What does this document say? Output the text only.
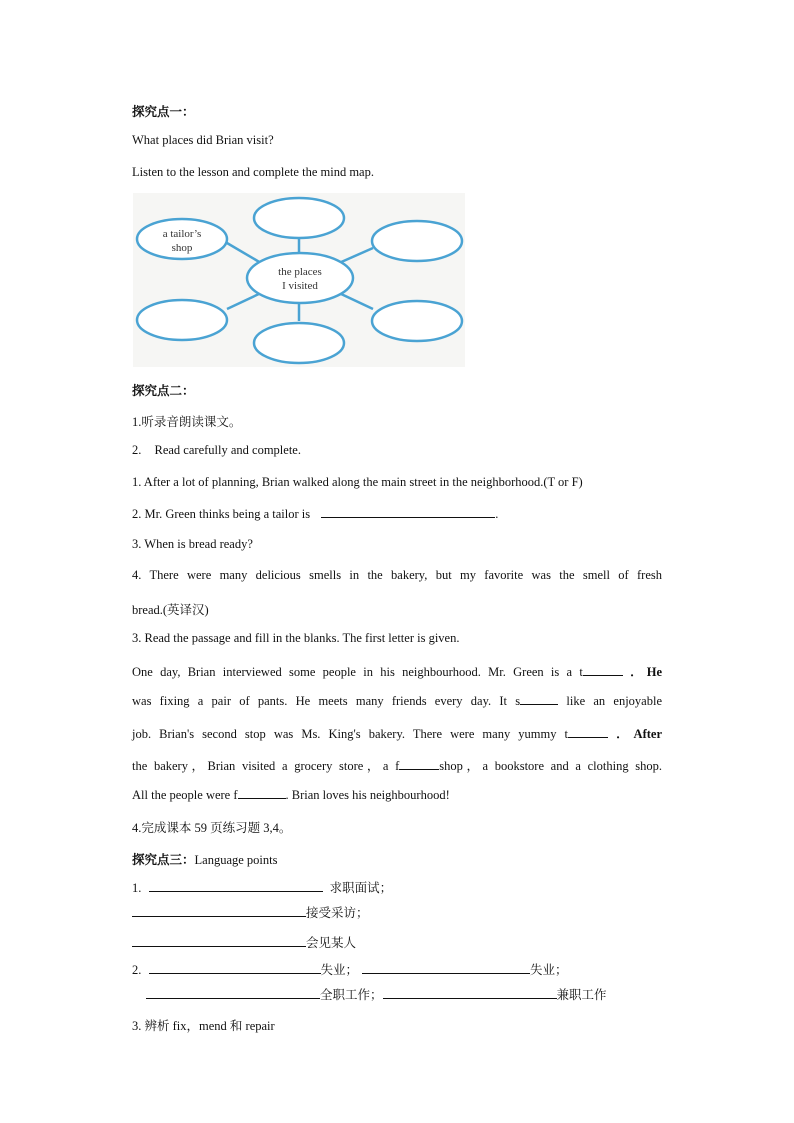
探究点一：
What places did Brian visit?
Listen to the lesson and complete the mind map.
a tailor’s
shop
the places
I visited
探究点二：
1.听录音朗读课文。
2. Read carefully and complete.
1. After a lot of planning, Brian walked along the main street in the neighborhood.(T or F)
2. Mr. Green thinks being a tailor is	.
3. When is bread ready?
4. There were many delicious smells in the bakery, but my favorite was the smell of fresh
bread.(英译汉)
3. Read the passage and fill in the blanks. The first letter is given.
One day, Brian interviewed some people in his neighbourhood. Mr. Green is a t	．He
was fixing a pair of pants. He meets many friends every day. It s	like an enjoyable
job. Brian's second stop was Ms. King's bakery. There were many yummy t	．After
the bakery，Brian visited a grocery store，a f	shop，a bookstore and a clothing shop.
All the people were f	. Brian loves his neighbourhood!
4.完成课本 59 页练习题 3,4。
探究点三：Language points
1.	求职面试；
接受采访；
会见某人
2.	失业；	失业；
全职工作；	兼职工作
3. 辨析 fix，mend 和 repair
